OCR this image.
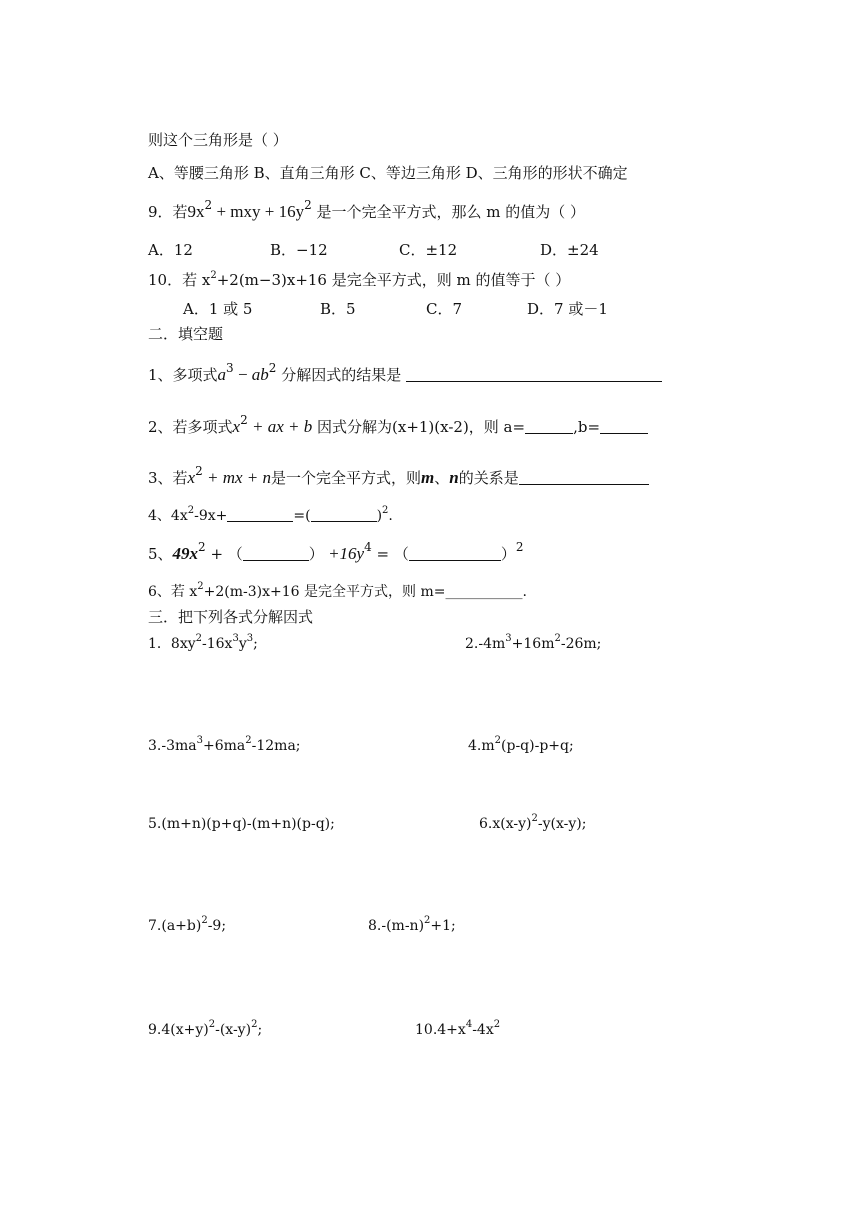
则这个三角形是（ ）
A、等腰三角形 B、直角三角形 C、等边三角形 D、三角形的形状不确定
9．若$9x^2$ + mxy + $16y^2$ 是一个完全平方式，那么 m 的值为（ ）
A．12	B．−12	C．±12	D．±24
10．若 $x^2+2(m-3)x+16$ 是完全平方式，则 m 的值等于（ ）
A．1 或 5	B．5	C．7	D．7 或－1
二．填空题
1、多项式$a^3 - ab^2$ 分解因式的结果是
2、若多项式$x^2$ + ax + b 因式分解为(x+1)(x-2)，则 a=	,b=
3、若$x^2$ + mx + n是一个完全平方式，则m、n的关系是
4、$4x^2-9x+$	=(	)$^2$.
5、$49x^2$ + （	） $+16y^4$ = （	）$^2$
6、若 $x^2+2(m-3)x+16$ 是完全平方式，则 m=___________.
三．把下列各式分解因式
1．$8xy^2-16x^3y^3$;	$2.-4m^3+16m^2-26m$;
$3.-3ma^3+6ma^2-12ma$;	$4.m^2(p-q)-p+q$;
5.(m+n)(p+q)-(m+n)(p-q);	$6.x(x-y)^2-y(x-y)$;
$7.(a+b)^2-9$;	$8.-(m-n)^2+1$;
$9.4(x+y)^2-(x-y)^2$;	$10.4+x^4-4x^2$
